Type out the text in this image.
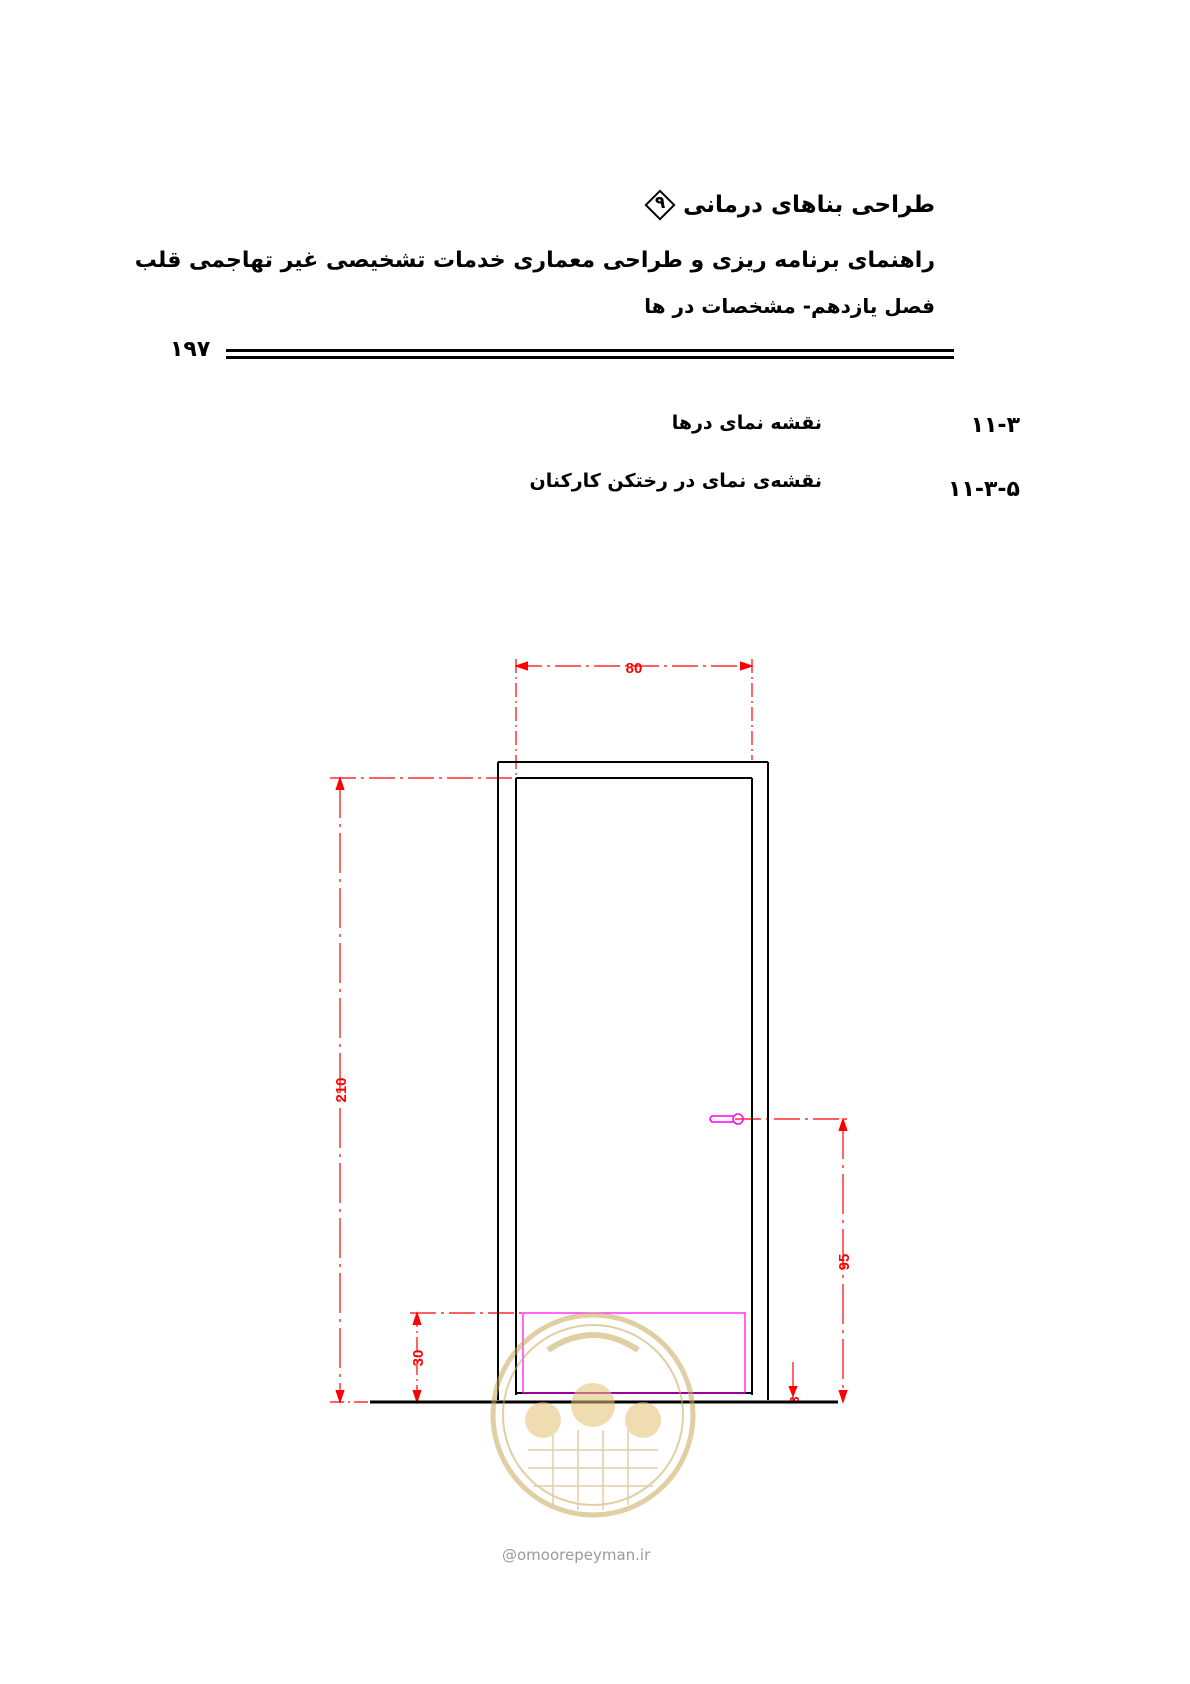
طراحی بناهای درمانی
۹
راهنمای برنامه ریزی و طراحی معماری خدمات تشخیصی غیر تهاجمی قلب
فصل یازدهم- مشخصات در ها
۱۹۷
۱۱-۳
نقشه نمای درها
۱۱-۳-۵
نقشه‌ی نمای در رختکن کارکنان
80
210
30
95
3
@omoorepeyman.ir
